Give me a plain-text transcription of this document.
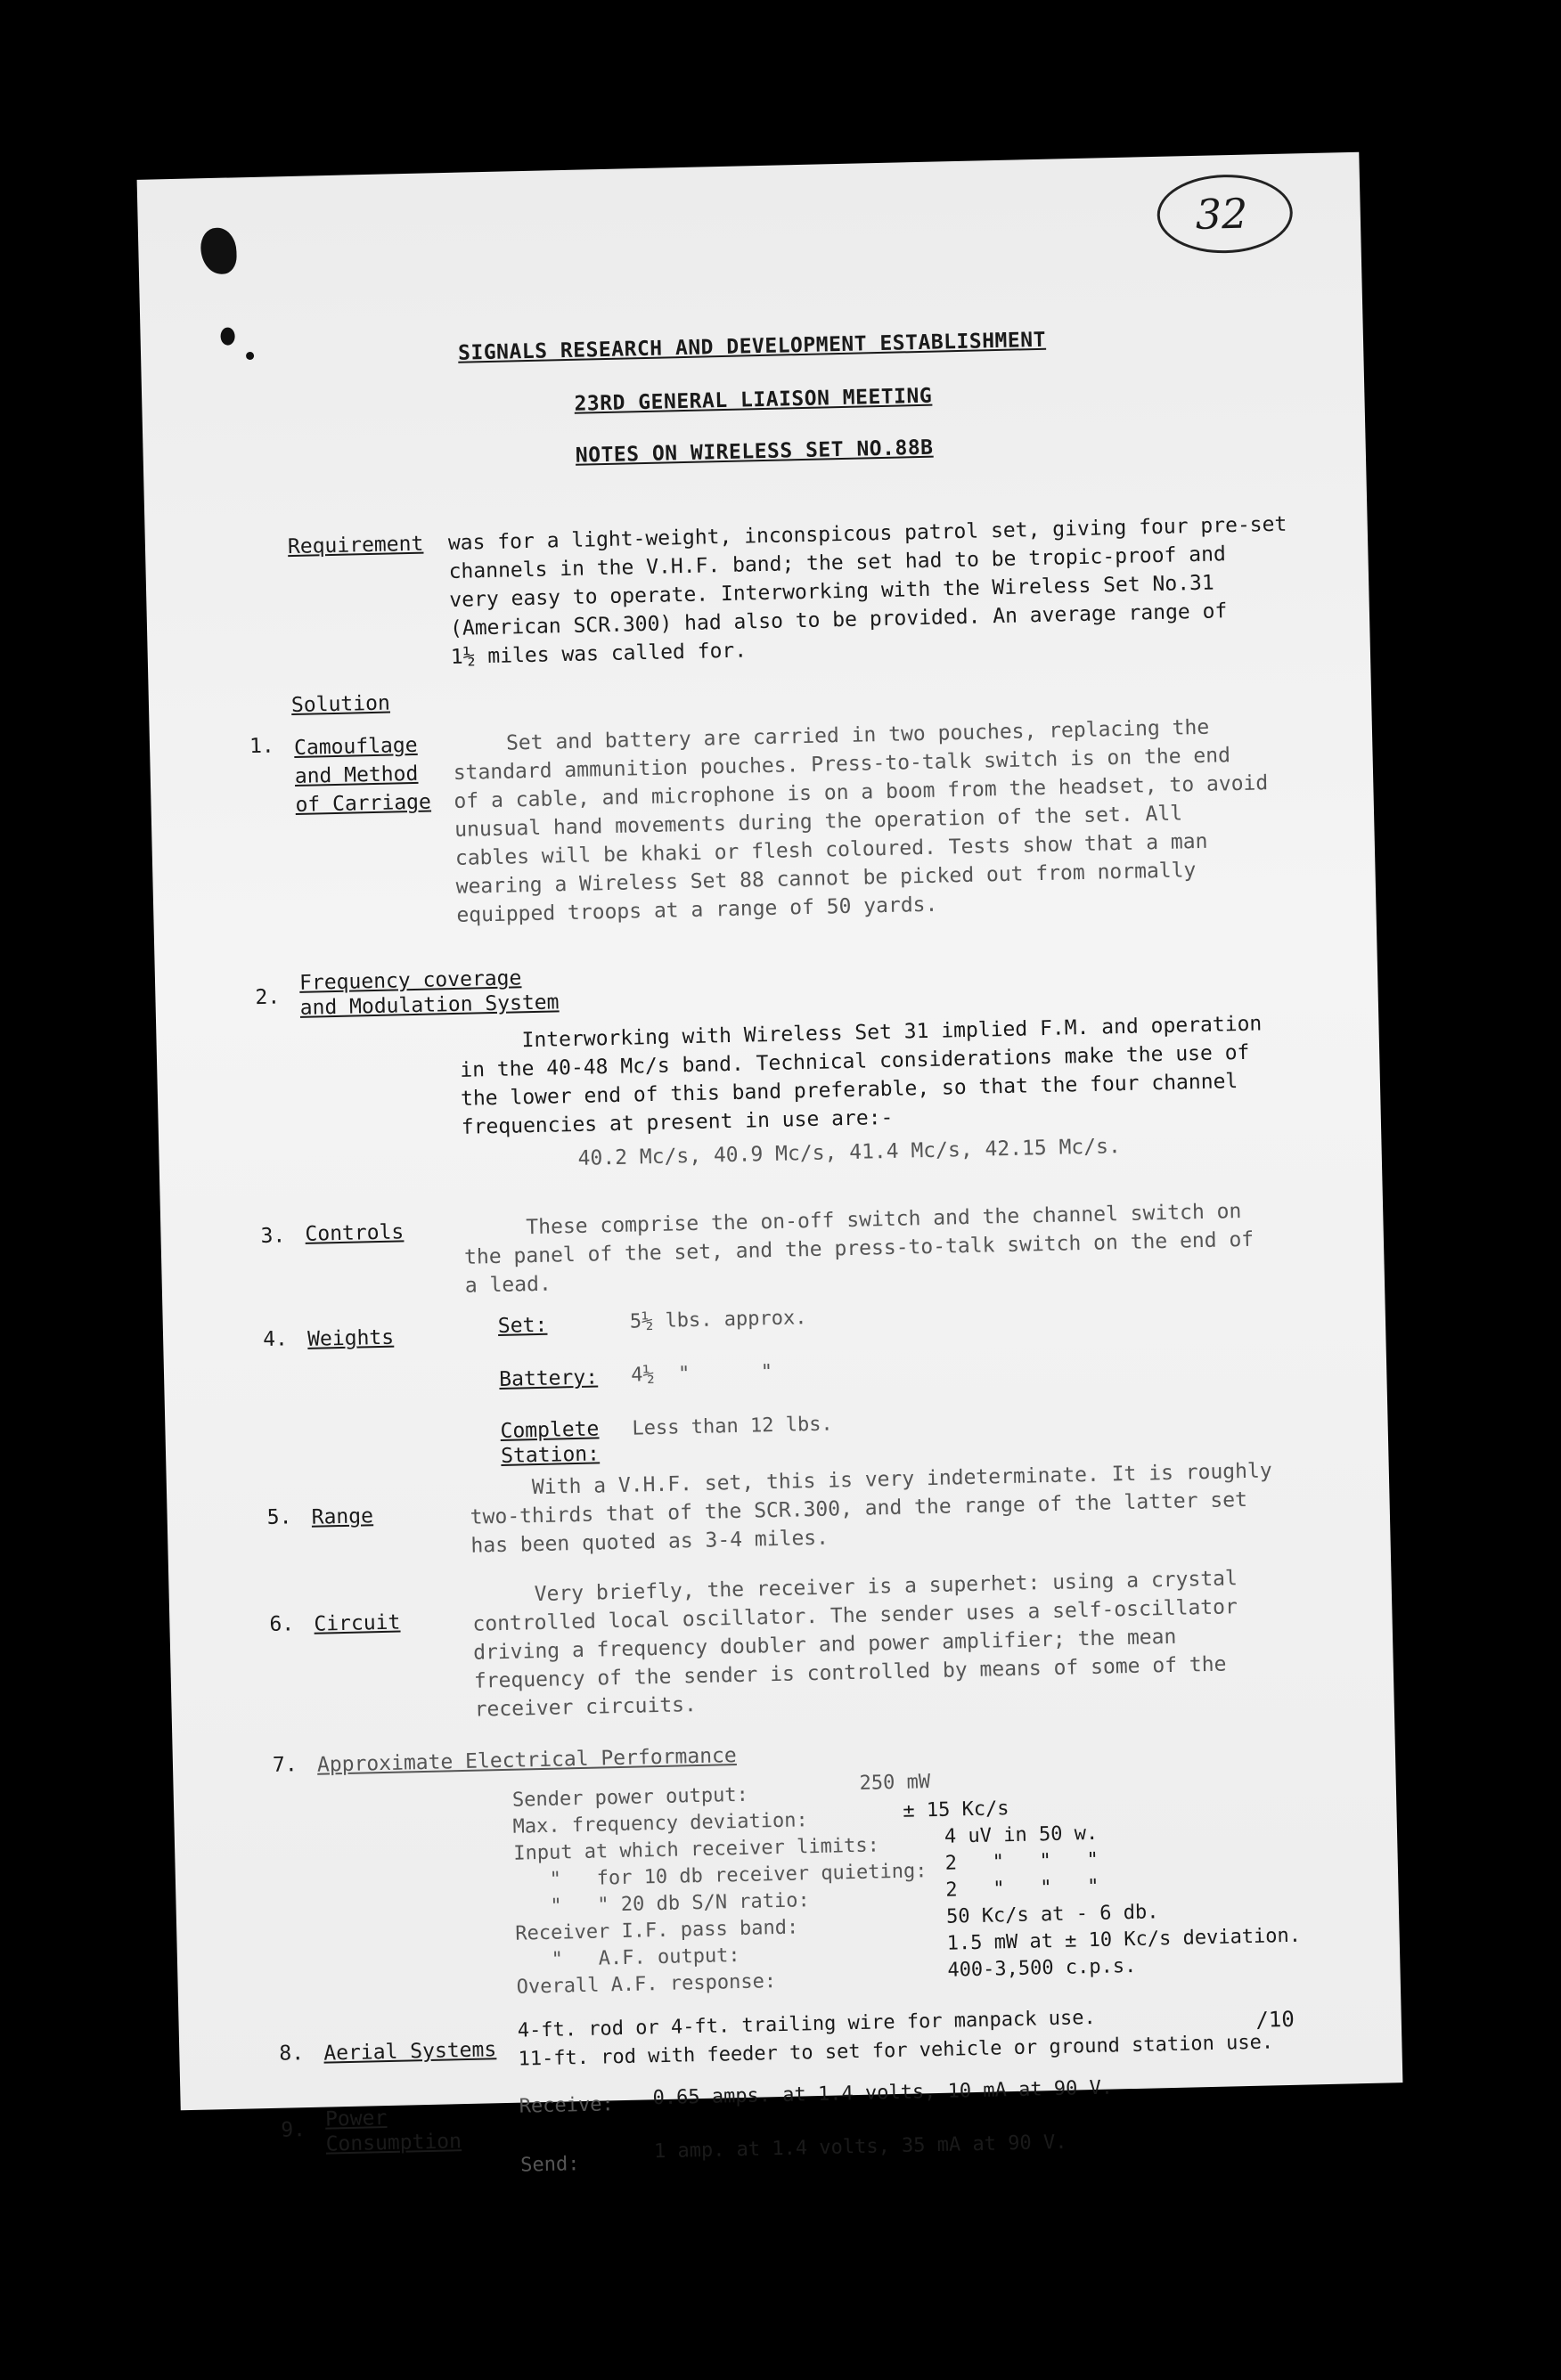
32
SIGNALS RESEARCH AND DEVELOPMENT ESTABLISHMENT
23RD GENERAL LIAISON MEETING
NOTES ON WIRELESS SET NO.88B
Requirement was for a light-weight, inconspicous patrol set, giving four pre-set
channels in the V.H.F. band; the set had to be tropic-proof and
very easy to operate. Interworking with the Wireless Set No.31
(American SCR.300) had also to be provided. An average range of
1½ miles was called for.
Solution
1. Camouflage
and Method
of Carriage
Set and battery are carried in two pouches, replacing the
standard ammunition pouches. Press-to-talk switch is on the end
of a cable, and microphone is on a boom from the headset, to avoid
unusual hand movements during the operation of the set. All
cables will be khaki or flesh coloured. Tests show that a man
wearing a Wireless Set 88 cannot be picked out from normally
equipped troops at a range of 50 yards.
2.
Frequency coverage
and Modulation System
Interworking with Wireless Set 31 implied F.M. and operation
in the 40-48 Mc/s band. Technical considerations make the use of
the lower end of this band preferable, so that the four channel
frequencies at present in use are:-
40.2 Mc/s, 40.9 Mc/s, 41.4 Mc/s, 42.15 Mc/s.
3. Controls	These comprise the on-off switch and the channel switch on
the panel of the set, and the press-to-talk switch on the end of
a lead.
4. Weights
Set:	5½ lbs. approx.
Battery: 4½  "      "
Complete
Station:
Less than 12 lbs.
5. Range
With a V.H.F. set, this is very indeterminate. It is roughly
two-thirds that of the SCR.300, and the range of the latter set
has been quoted as 3-4 miles.
6. Circuit
Very briefly, the receiver is a superhet: using a crystal
controlled local oscillator. The sender uses a self-oscillator
driving a frequency doubler and power amplifier; the mean
frequency of the sender is controlled by means of some of the
receiver circuits.
7. Approximate Electrical Performance
Sender power output:
250 mW
Max. frequency deviation:	± 15 Kc/s
Input at which receiver limits:	4 uV in 50 w.
"   for 10 db receiver quieting: 2   "   "   "
"   " 20 db S/N ratio:
2   "   "   "
Receiver I.F. pass band:
50 Kc/s at - 6 db.
"   A.F. output:
1.5 mW at ± 10 Kc/s deviation.
Overall A.F. response:
400-3,500 c.p.s.
8. Aerial Systems
4-ft. rod or 4-ft. trailing wire for manpack use.
11-ft. rod with feeder to set for vehicle or ground station use.
9. Power
Consumption
Receive: 0.65 amps. at 1.4 volts, 10 mA at 90 V.
Send:
1 amp. at 1.4 volts, 35 mA at 90 V.
/10
